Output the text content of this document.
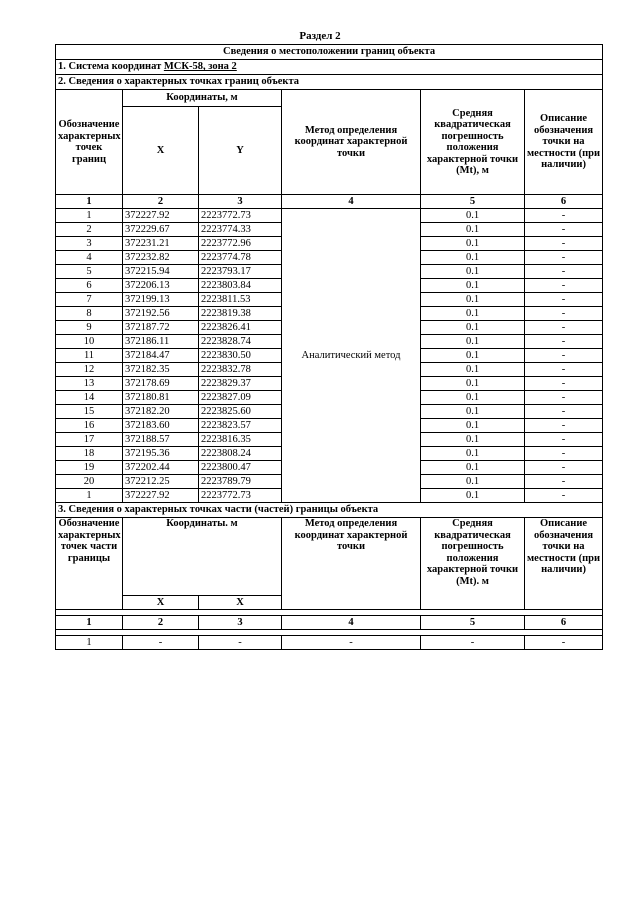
Раздел 2
Сведения о местоположении границ объекта					
1. Система координат МСК-58, зона 2					
2. Сведения о характерных точках границ объекта					
Обозначение характерных точек границ	Координаты, м		Метод определения координат характерной точки	Средняя квадратическая погрешность положения характерной точки (Mt), м	Описание обозначения точки на местности (при наличии)
	X	Y			
1	2	3	4	5	6
1	372227.92	2223772.73	Аналитический метод	0.1	-
2	372229.67	2223774.33		0.1	-
3	372231.21	2223772.96		0.1	-
4	372232.82	2223774.78		0.1	-
5	372215.94	2223793.17		0.1	-
6	372206.13	2223803.84		0.1	-
7	372199.13	2223811.53		0.1	-
8	372192.56	2223819.38		0.1	-
9	372187.72	2223826.41		0.1	-
10	372186.11	2223828.74		0.1	-
11	372184.47	2223830.50		0.1	-
12	372182.35	2223832.78		0.1	-
13	372178.69	2223829.37		0.1	-
14	372180.81	2223827.09		0.1	-
15	372182.20	2223825.60		0.1	-
16	372183.60	2223823.57		0.1	-
17	372188.57	2223816.35		0.1	-
18	372195.36	2223808.24		0.1	-
19	372202.44	2223800.47		0.1	-
20	372212.25	2223789.79		0.1	-
1	372227.92	2223772.73		0.1	-
3. Сведения о характерных точках части (частей) границы объекта					
Обозначение характерных точек части границы	Координаты. м		Метод определения координат характерной точки	Средняя квадратическая погрешность положения характерной точки (Mt). м	Описание обозначения точки на местности (при наличии)
	X	X			

1	2	3	4	5	6

1	-	-	-	-	-
